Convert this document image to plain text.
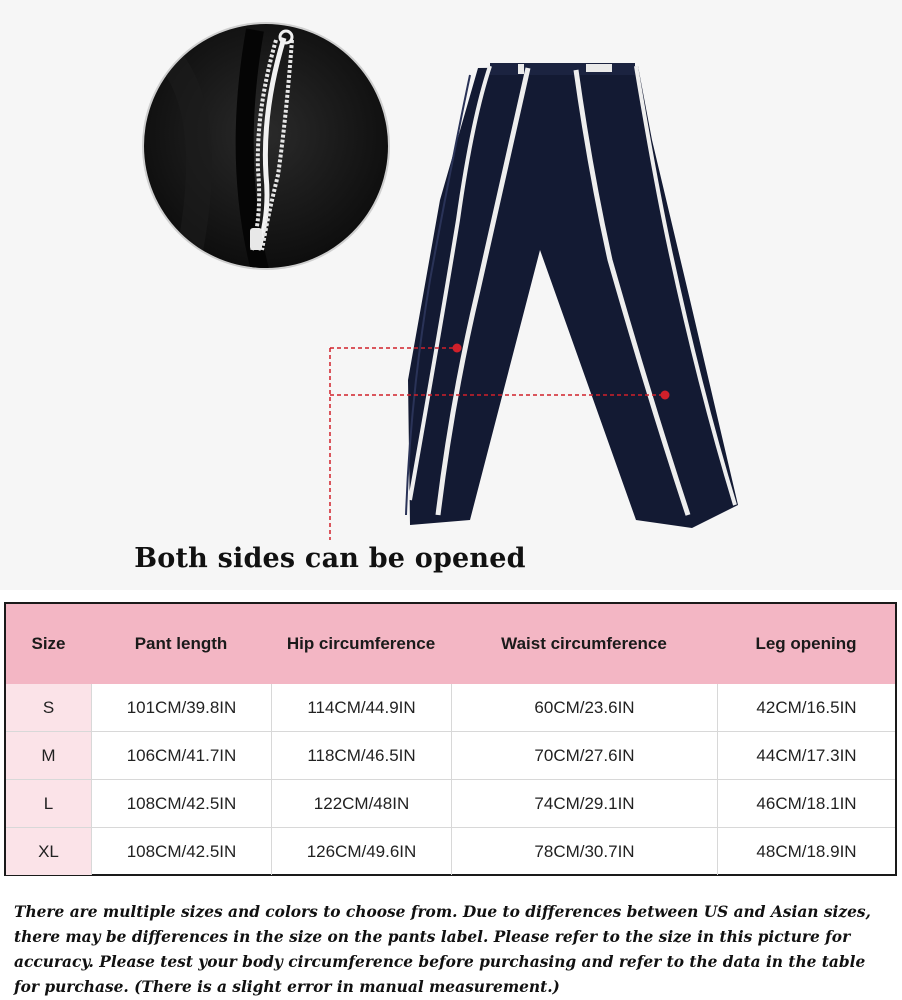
Both sides can be opened
Size	Pant length	Hip circumference	Waist circumference	Leg opening
S	101CM/39.8IN	114CM/44.9IN	60CM/23.6IN	42CM/16.5IN
M	106CM/41.7IN	118CM/46.5IN	70CM/27.6IN	44CM/17.3IN
L	108CM/42.5IN	122CM/48IN	74CM/29.1IN	46CM/18.1IN
XL	108CM/42.5IN	126CM/49.6IN	78CM/30.7IN	48CM/18.9IN
There are multiple sizes and colors to choose from. Due to differences between US and Asian sizes, there may be differences in the size on the pants label. Please refer to the size in this picture for accuracy. Please test your body circumference before purchasing and refer to the data in the table for purchase. (There is a slight error in manual measurement.)
